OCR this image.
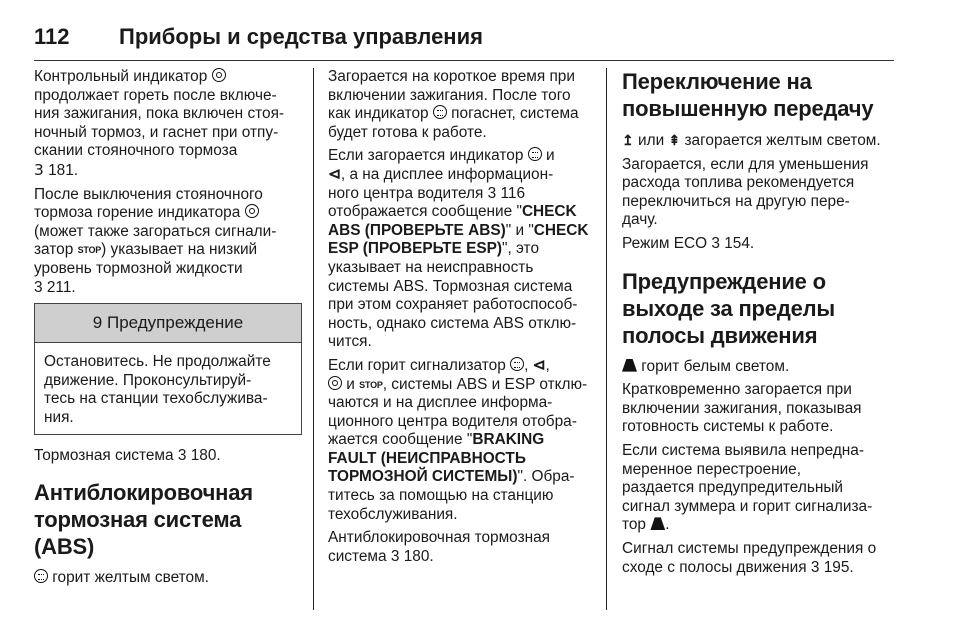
112 Приборы и средства управления

Контрольный индикатор

продолжает гореть после включе-
ния зажигания, пока включен стоя-
ночный тормоз, и гаснет при отпу-
скании стояночного тормоза
3 181.

После выключения стояночного
тормоза горение индикатора

(может также загораться сигнали-
затор STOP) указывает на низкий
уровень тормозной жидкости
3 211.

9 Предупреждение
Остановитесь. Не продолжайте
движение. Проконсультируй-
тесь на станции техобслужива-
ния.

Тормозная система 3 180.

Антиблокировочная
тормозная система (ABS)

горит желтым светом.

Загорается на короткое время при
включении зажигания. После того
как индикатор погаснет, система
будет готова к работе.

Если загорается индикатор и
⊲, а на дисплее информацион-
ного центра водителя 3 116
отображается сообщение "CHECK
ABS (ПРОВЕРЬТЕ ABS)" и "CHECK
ESP (ПРОВЕРЬТЕ ESP)", это
указывает на неисправность
системы ABS. Тормозная система
при этом сохраняет работоспособ-
ность, однако система ABS отклю-
чится.

Если горит сигнализатор , ⊲,

и STOP, системы ABS и ESP отклю-
чаются и на дисплее информа-
ционного центра водителя отобра-
жается сообщение "BRAKING
FAULT (НЕИСПРАВНОСТЬ
ТОРМОЗНОЙ СИСТЕМЫ)". Обра-
титесь за помощью на станцию
техобслуживания.

Антиблокировочная тормозная
система 3 180.

Переключение на
повышенную передачу

↥ или ⇞ загорается желтым светом.

Загорается, если для уменьшения
расхода топлива рекомендуется
переключиться на другую пере-
дачу.

Режим ECO 3 154.

Предупреждение о
выходе за пределы
полосы движения

горит белым светом.

Кратковременно загорается при
включении зажигания, показывая
готовность системы к работе.

Если система выявила непредна-
меренное перестроение,
раздается предупредительный
сигнал зуммера и горит сигнализа-
тор .

Сигнал системы предупреждения о
сходе с полосы движения 3 195.
